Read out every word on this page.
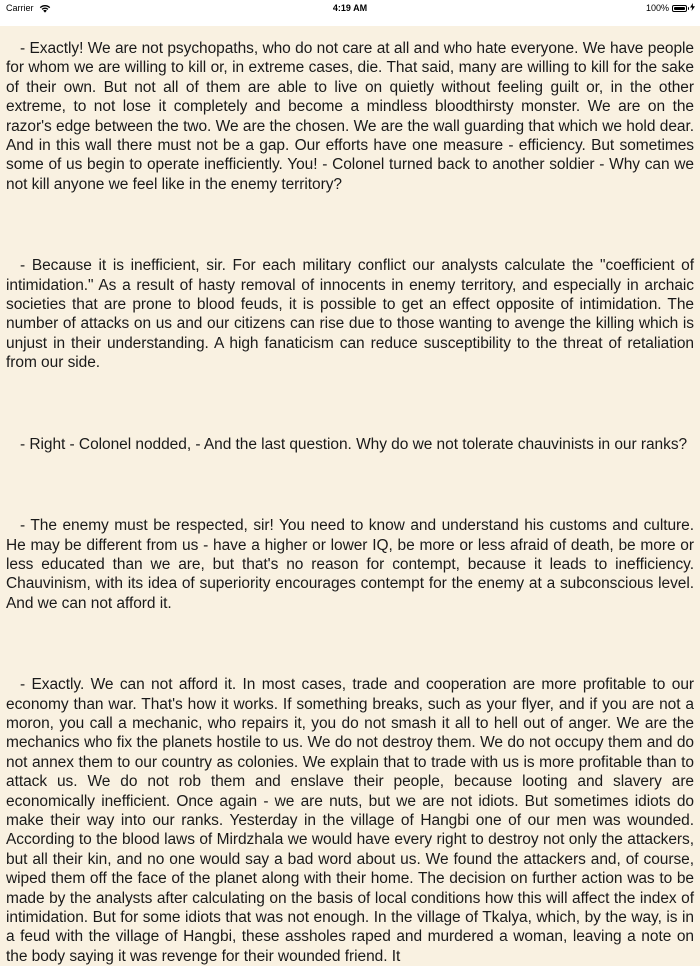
Carrier	4:19 AM	100%

- Exactly! We are not psychopaths, who do not care at all and who hate everyone. We have people for whom we are willing to kill or, in extreme cases, die. That said, many are willing to kill for the sake of their own. But not all of them are able to live on quietly without feeling guilt or, in the other extreme, to not lose it completely and become a mindless bloodthirsty monster. We are on the razor's edge between the two. We are the chosen. We are the wall guarding that which we hold dear. And in this wall there must not be a gap. Our efforts have one measure - efficiency. But sometimes some of us begin to operate inefficiently. You! - Colonel turned back to another soldier - Why can we not kill anyone we feel like in the enemy territory?

- Because it is inefficient, sir. For each military conflict our analysts calculate the "coefficient of intimidation." As a result of hasty removal of innocents in enemy territory, and especially in archaic societies that are prone to blood feuds, it is possible to get an effect opposite of intimidation. The number of attacks on us and our citizens can rise due to those wanting to avenge the killing which is unjust in their understanding. A high fanaticism can reduce susceptibility to the threat of retaliation from our side.

- Right - Colonel nodded, - And the last question. Why do we not tolerate chauvinists in our ranks?

- The enemy must be respected, sir! You need to know and understand his customs and culture. He may be different from us - have a higher or lower IQ, be more or less afraid of death, be more or less educated than we are, but that's no reason for contempt, because it leads to inefficiency. Chauvinism, with its idea of superiority encourages contempt for the enemy at a subconscious level. And we can not afford it.

- Exactly. We can not afford it. In most cases, trade and cooperation are more profitable to our economy than war. That's how it works. If something breaks, such as your flyer, and if you are not a moron, you call a mechanic, who repairs it, you do not smash it all to hell out of anger. We are the mechanics who fix the planets hostile to us. We do not destroy them. We do not occupy them and do not annex them to our country as colonies. We explain that to trade with us is more profitable than to attack us. We do not rob them and enslave their people, because looting and slavery are economically inefficient. Once again - we are nuts, but we are not idiots. But sometimes idiots do make their way into our ranks. Yesterday in the village of Hangbi one of our men was wounded. According to the blood laws of Mirdzhala we would have every right to destroy not only the attackers, but all their kin, and no one would say a bad word about us. We found the attackers and, of course, wiped them off the face of the planet along with their home. The decision on further action was to be made by the analysts after calculating on the basis of local conditions how this will affect the index of intimidation. But for some idiots that was not enough. In the village of Tkalya, which, by the way, is in a feud with the village of Hangbi, these assholes raped and murdered a woman, leaving a note on the body saying it was revenge for their wounded friend. It
